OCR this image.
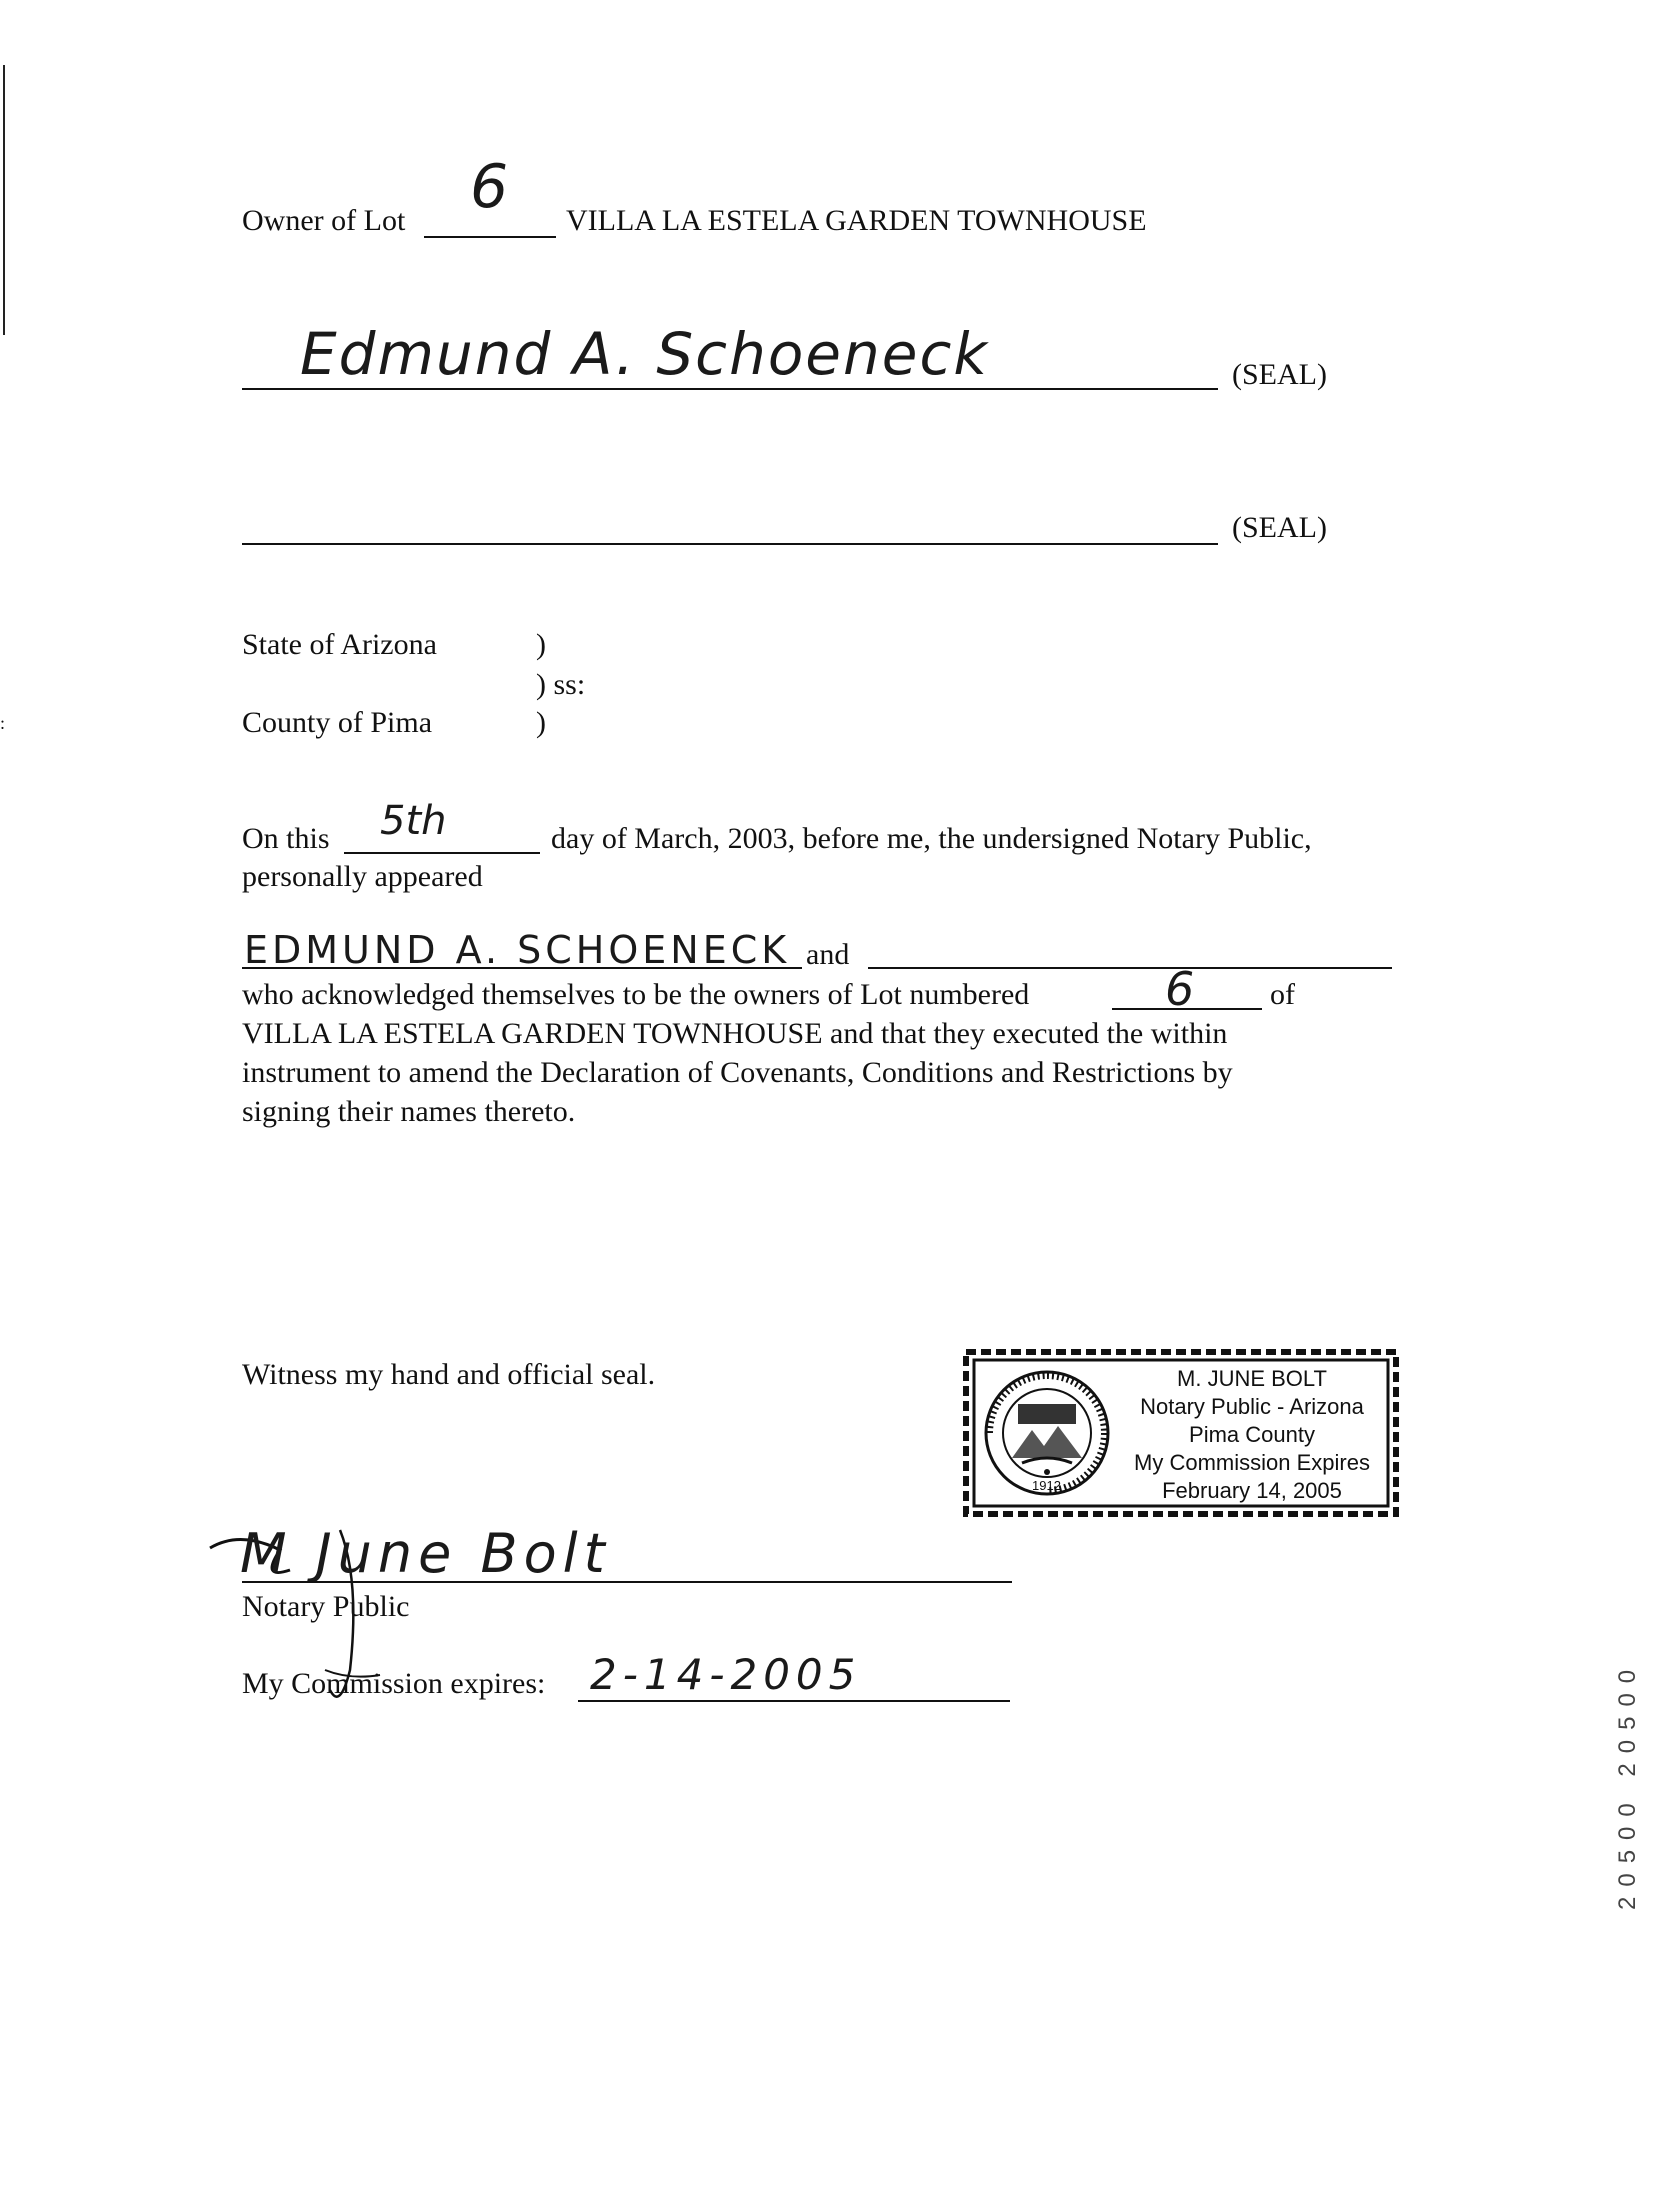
Owner of Lot 6 VILLA LA ESTELA GARDEN TOWNHOUSE
Edmund A. Schoeneck	(SEAL)
(SEAL)
State of Arizona	)
) ss:
County of Pima	)
:
On this 5th	day of March, 2003, before me, the undersigned Notary Public,
personally appeared
EDMUND A. SCHOENECK and
who acknowledged themselves to be the owners of Lot numbered	6	of
VILLA LA ESTELA GARDEN TOWNHOUSE and that they executed the within
instrument to amend the Declaration of Covenants, Conditions and Restrictions by
signing their names thereto.
Witness my hand and official seal.
1912
M. JUNE BOLT
Notary Public - Arizona
Pima County
My Commission Expires
February 14, 2005
M June Bolt
Notary Public
My Commission expires: 2-14-2005	20500 20500
